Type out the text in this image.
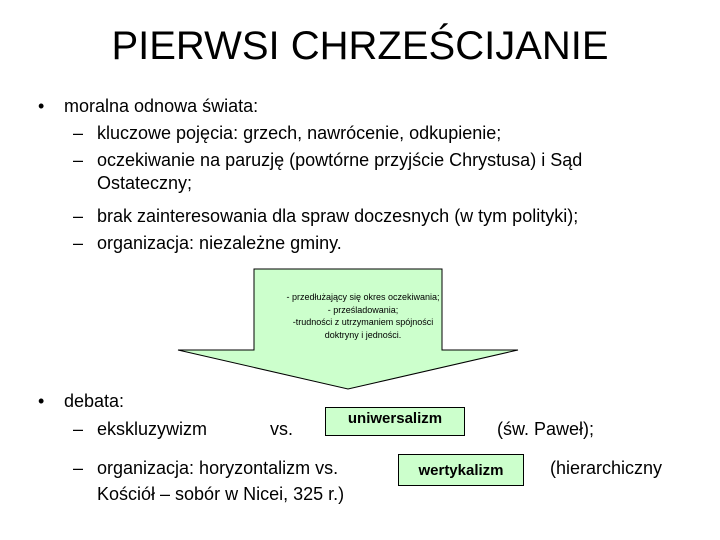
PIERWSI CHRZEŚCIJANIE
• moralna odnowa świata:
– kluczowe pojęcia: grzech, nawrócenie, odkupienie;
– oczekiwanie na paruzję (powtórne przyjście Chrystusa) i Sąd
Ostateczny;
– brak zainteresowania dla spraw doczesnych (w tym polityki);
– organizacja: niezależne gminy.
- przedłużający się okres oczekiwania;
- prześladowania;
-trudności z utrzymaniem spójności
doktryny i jedności.
• debata:
– ekskluzywizm	vs.
uniwersalizm
(św. Paweł);
– organizacja: horyzontalizm vs.
Kościół – sobór w Nicei, 325 r.)
wertykalizm	(hierarchiczny
